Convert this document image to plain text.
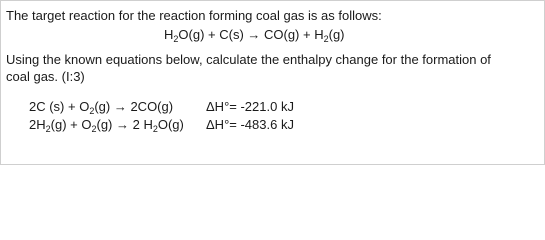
The target reaction for the reaction forming coal gas is as follows:
$H_2O(g) + C(s) \to CO(g) + H_2(g)$
Using the known equations below, calculate the enthalpy change for the formation of
coal gas. (I:3)
2C $(s) + O_2(g) \to 2CO(g)$	ΔH°= -221.0 kJ
$2H_2(g) + O_2(g) \to 2$ $H_2O(g)$ ΔH°= -483.6 kJ
